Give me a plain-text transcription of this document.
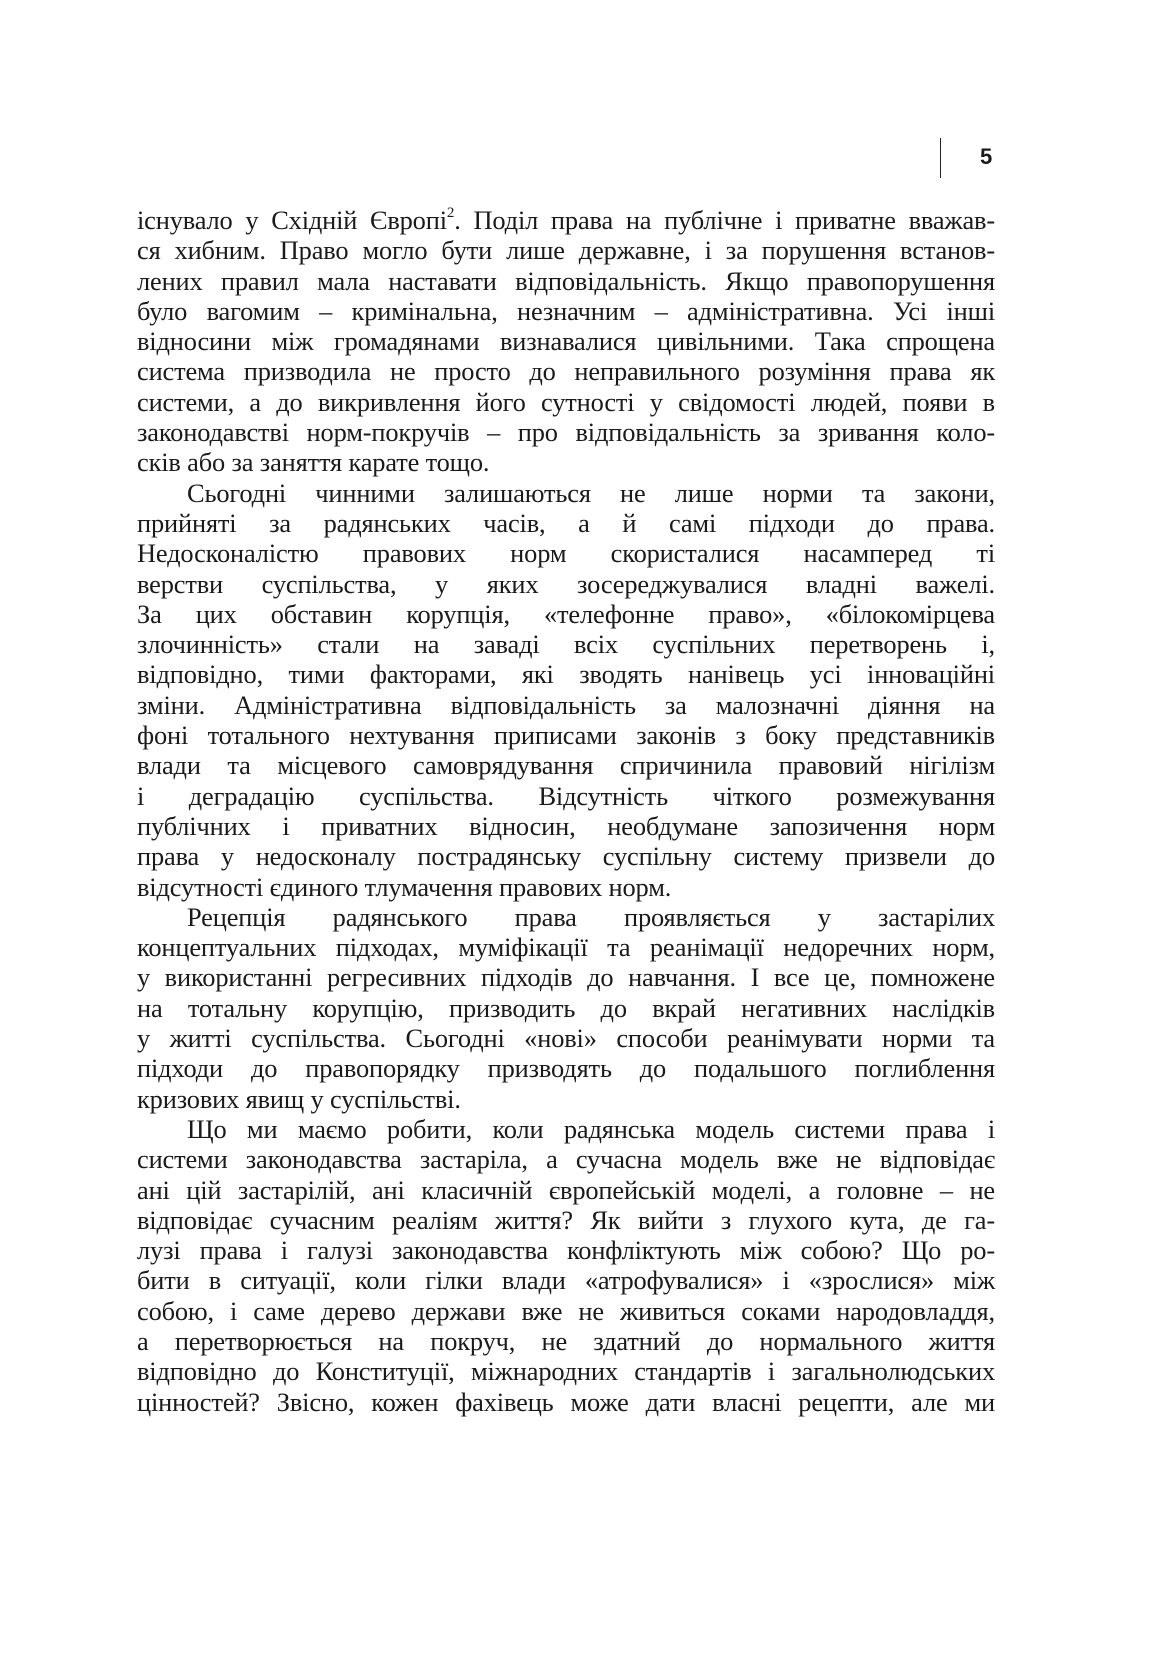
5

існувало у Східній Європі$^2$. Поділ права на публічне і приватне вважав-
ся хибним. Право могло бути лише державне, і за порушення встанов-
лених правил мала наставати відповідальність. Якщо правопорушення
було вагомим – кримінальна, незначним – адміністративна. Усі інші
відносини між громадянами визнавалися цивільними. Така спрощена
система призводила не просто до неправильного розуміння права як
системи, а до викривлення його сутності у свідомості людей, появи в
законодавстві норм-покручів – про відповідальність за зривання коло-
сків або за заняття карате тощо.

Сьогодні чинними залишаються не лише норми та закони,
прийняті за радянських часів, а й самі підходи до права.
Недосконалістю правових норм скористалися насамперед ті
верстви суспільства, у яких зосереджувалися владні важелі.
За цих обставин корупція, «телефонне право», «білокомірцева
злочинність» стали на заваді всіх суспільних перетворень і,
відповідно, тими факторами, які зводять нанівець усі інноваційні
зміни. Адміністративна відповідальність за малозначні діяння на
фоні тотального нехтування приписами законів з боку представників
влади та місцевого самоврядування спричинила правовий нігілізм
і деградацію суспільства. Відсутність чіткого розмежування
публічних і приватних відносин, необдумане запозичення норм
права у недосконалу пострадянську суспільну систему призвели до
відсутності єдиного тлумачення правових норм.

Рецепція радянського права проявляється у застарілих
концептуальних підходах, муміфікації та реанімації недоречних норм,
у використанні регресивних підходів до навчання. І все це, помножене
на тотальну корупцію, призводить до вкрай негативних наслідків
у житті суспільства. Сьогодні «нові» способи реанімувати норми та
підходи до правопорядку призводять до подальшого поглиблення
кризових явищ у суспільстві.

Що ми маємо робити, коли радянська модель системи права і
системи законодавства застаріла, а сучасна модель вже не відповідає
ані цій застарілій, ані класичній європейській моделі, а головне – не
відповідає сучасним реаліям життя? Як вийти з глухого кута, де га-
лузі права і галузі законодавства конфліктують між собою? Що ро-
бити в ситуації, коли гілки влади «атрофувалися» і «зрослися» між
собою, і саме дерево держави вже не живиться соками народовладдя,
а перетворюється на покруч, не здатний до нормального життя
відповідно до Конституції, міжнародних стандартів і загальнолюдських
цінностей? Звісно, кожен фахівець може дати власні рецепти, але ми
